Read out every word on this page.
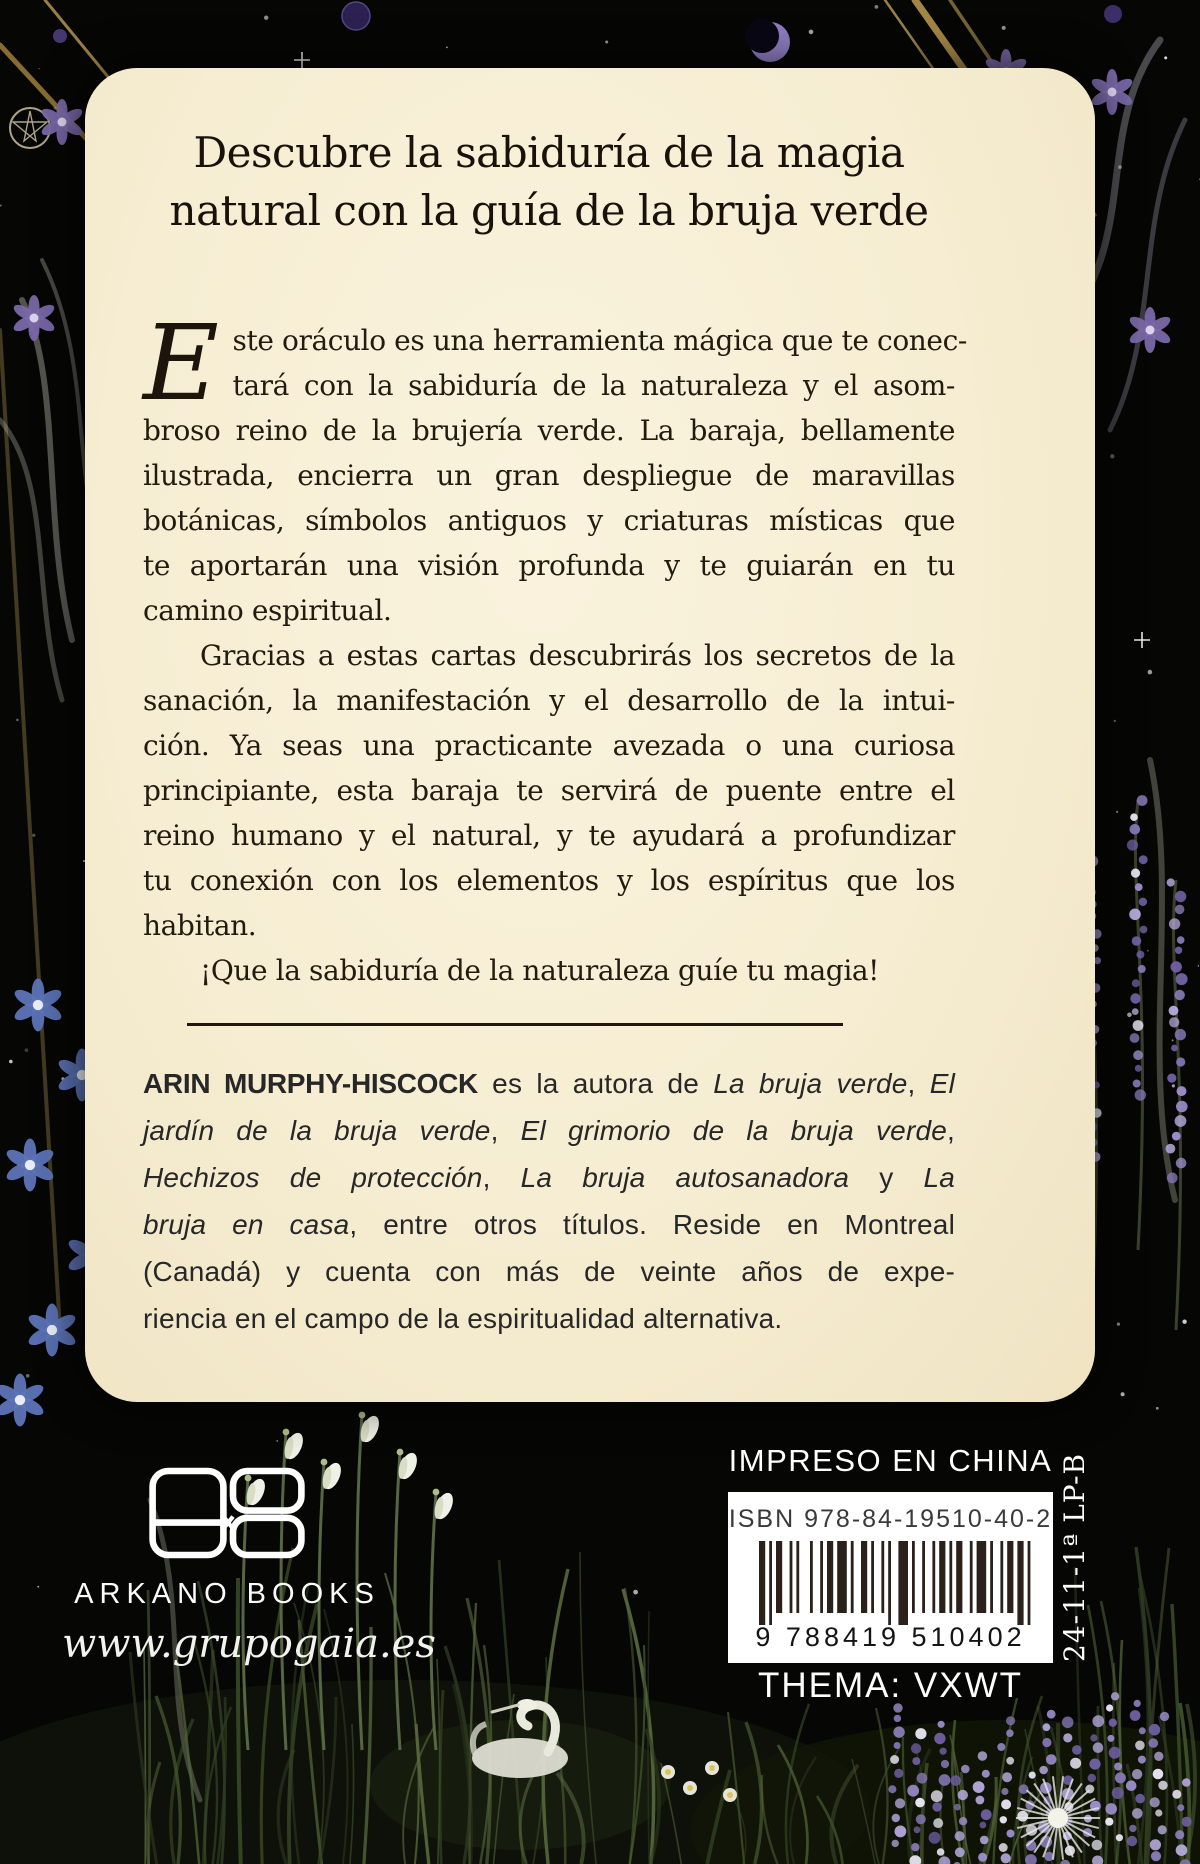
Descubre la sabiduría de la magia
natural con la guía de la bruja verde
E ste oráculo es una herramienta mágica que te conec-
tará con la sabiduría de la naturaleza y el asom-
broso reino de la brujería verde. La baraja, bellamente
ilustrada, encierra un gran despliegue de maravillas
botánicas, símbolos antiguos y criaturas místicas que
te aportarán una visión profunda y te guiarán en tu
camino espiritual.
Gracias a estas cartas descubrirás los secretos de la
sanación, la manifestación y el desarrollo de la intui-
ción. Ya seas una practicante avezada o una curiosa
principiante, esta baraja te servirá de puente entre el
reino humano y el natural, y te ayudará a profundizar
tu conexión con los elementos y los espíritus que los
habitan.
¡Que la sabiduría de la naturaleza guíe tu magia!
ARIN MURPHY-HISCOCK es la autora de La bruja verde, El
jardín de la bruja verde, El grimorio de la bruja verde,
Hechizos de protección, La bruja autosanadora y La
bruja en casa, entre otros títulos. Reside en Montreal
(Canadá) y cuenta con más de veinte años de expe-
riencia en el campo de la espiritualidad alternativa.
ARKANO BOOKS
www.grupogaia.es
IMPRESO EN CHINA
ISBN 978-84-19510-40-2
9 788419 510402	24-11-1ª LP-B
THEMA: VXWT
